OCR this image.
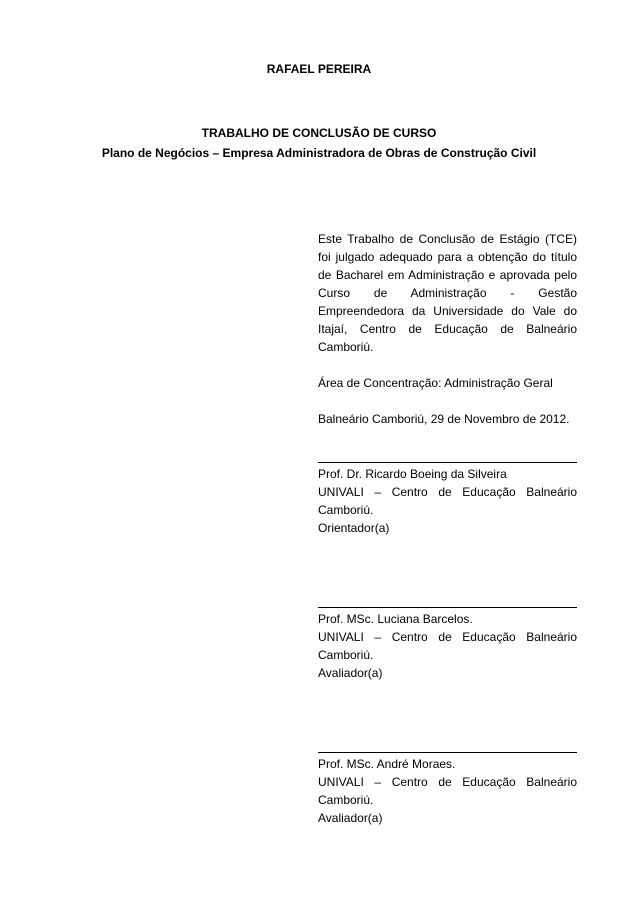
RAFAEL PEREIRA

TRABALHO DE CONCLUSÃO DE CURSO

Plano de Negócios – Empresa Administradora de Obras de Construção Civil

Este Trabalho de Conclusão de Estágio (TCE) foi julgado adequado para a obtenção do título de Bacharel em Administração e aprovada pelo Curso de Administração - Gestão Empreendedora da Universidade do Vale do Itajaí, Centro de Educação de Balneário Camboriú.

Área de Concentração: Administração Geral

Balneário Camboriú, 29 de Novembro de 2012.

Prof. Dr. Ricardo Boeing da Silveira

UNIVALI – Centro de Educação Balneário Camboriú.

Orientador(a)

Prof. MSc. Luciana Barcelos.

UNIVALI – Centro de Educação Balneário Camboriú.

Avaliador(a)

Prof. MSc. André Moraes.

UNIVALI – Centro de Educação Balneário Camboriú.

Avaliador(a)
